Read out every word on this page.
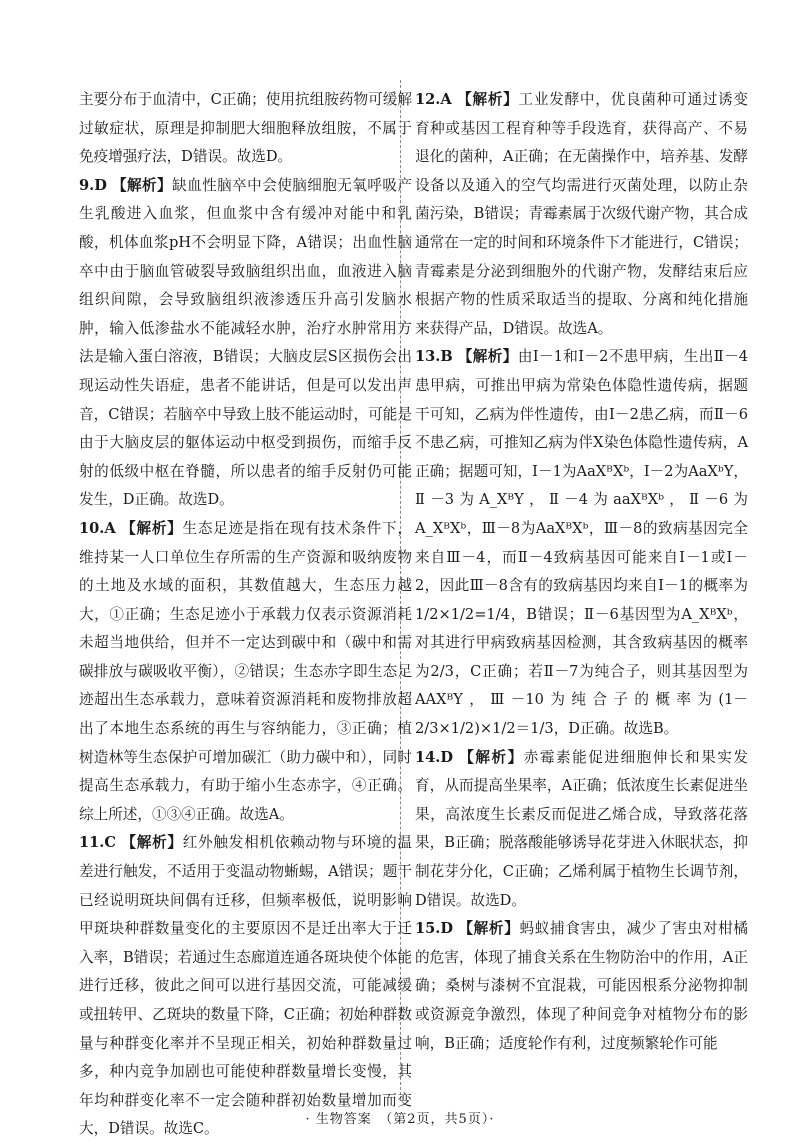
主要分布于血清中，C正确；使用抗组胺药物可缓解过敏症状，原理是抑制肥大细胞释放组胺，不属于免疫增强疗法，D错误。故选D。

9.D 【解析】缺血性脑卒中会使脑细胞无氧呼吸产生乳酸进入血浆，但血浆中含有缓冲对能中和乳酸，机体血浆pH不会明显下降，A错误；出血性脑卒中由于脑血管破裂导致脑组织出血，血液进入脑组织间隙，会导致脑组织液渗透压升高引发脑水肿，输入低渗盐水不能减轻水肿，治疗水肿常用方法是输入蛋白溶液，B错误；大脑皮层S区损伤会出现运动性失语症，患者不能讲话，但是可以发出声音，C错误；若脑卒中导致上肢不能运动时，可能是由于大脑皮层的躯体运动中枢受到损伤，而缩手反射的低级中枢在脊髓，所以患者的缩手反射仍可能发生，D正确。故选D。

10.A 【解析】生态足迹是指在现有技术条件下，维持某一人口单位生存所需的生产资源和吸纳废物的土地及水域的面积，其数值越大，生态压力越大，①正确；生态足迹小于承载力仅表示资源消耗未超当地供给，但并不一定达到碳中和（碳中和需碳排放与碳吸收平衡），②错误；生态赤字即生态足迹超出生态承载力，意味着资源消耗和废物排放超出了本地生态系统的再生与容纳能力，③正确；植树造林等生态保护可增加碳汇（助力碳中和），同时提高生态承载力，有助于缩小生态赤字，④正确。综上所述，①③④正确。故选A。

11.C 【解析】红外触发相机依赖动物与环境的温差进行触发，不适用于变温动物蜥蜴，A错误；题干已经说明斑块间偶有迁移，但频率极低，说明影响甲斑块种群数量变化的主要原因不是迁出率大于迁入率，B错误；若通过生态廊道连通各斑块使个体能进行迁移，彼此之间可以进行基因交流，可能减缓或扭转甲、乙斑块的数量下降，C正确；初始种群数量与种群变化率并不呈现正相关，初始种群数量过多，种内竞争加剧也可能使种群数量增长变慢，其年均种群变化率不一定会随种群初始数量增加而变大，D错误。故选C。

12.A 【解析】工业发酵中，优良菌种可通过诱变育种或基因工程育种等手段选育，获得高产、不易退化的菌种，A正确；在无菌操作中，培养基、发酵设备以及通入的空气均需进行灭菌处理，以防止杂菌污染，B错误；青霉素属于次级代谢产物，其合成通常在一定的时间和环境条件下才能进行，C错误；青霉素是分泌到细胞外的代谢产物，发酵结束后应根据产物的性质采取适当的提取、分离和纯化措施来获得产品，D错误。故选A。

13.B 【解析】由Ⅰ－1和Ⅰ－2不患甲病，生出Ⅱ－4患甲病，可推出甲病为常染色体隐性遗传病，据题干可知，乙病为伴性遗传，由Ⅰ－2患乙病，而Ⅱ－6不患乙病，可推知乙病为伴X染色体隐性遗传病，A正确；据题可知，Ⅰ－1为AaXᴮXᵇ，Ⅰ－2为AaXᵇY，Ⅱ－3为A_XᴮY，Ⅱ－4为aaXᴮXᵇ，Ⅱ－6为A_XᴮXᵇ，Ⅲ－8为AaXᴮXᵇ，Ⅲ－8的致病基因完全来自Ⅲ－4，而Ⅱ－4致病基因可能来自Ⅰ－1或Ⅰ－2，因此Ⅲ－8含有的致病基因均来自Ⅰ－1的概率为1/2×1/2=1/4，B错误；Ⅱ－6基因型为A_XᴮXᵇ，对其进行甲病致病基因检测，其含致病基因的概率为2/3，C正确；若Ⅱ－7为纯合子，则其基因型为AAXᴮY，Ⅲ－10为纯合子的概率为(1－2/3×1/2)×1/2＝1/3，D正确。故选B。

14.D 【解析】赤霉素能促进细胞伸长和果实发育，从而提高坐果率，A正确；低浓度生长素促进坐果，高浓度生长素反而促进乙烯合成，导致落花落果，B正确；脱落酸能够诱导花芽进入休眠状态，抑制花芽分化，C正确；乙烯利属于植物生长调节剂，D错误。故选D。

15.D 【解析】蚂蚁捕食害虫，减少了害虫对柑橘的危害，体现了捕食关系在生物防治中的作用，A正确；桑树与漆树不宜混栽，可能因根系分泌物抑制或资源竞争激烈，体现了种间竞争对植物分布的影响，B正确；适度轮作有利，过度频繁轮作可能

· 生物答案　（第2页，共5页）·
